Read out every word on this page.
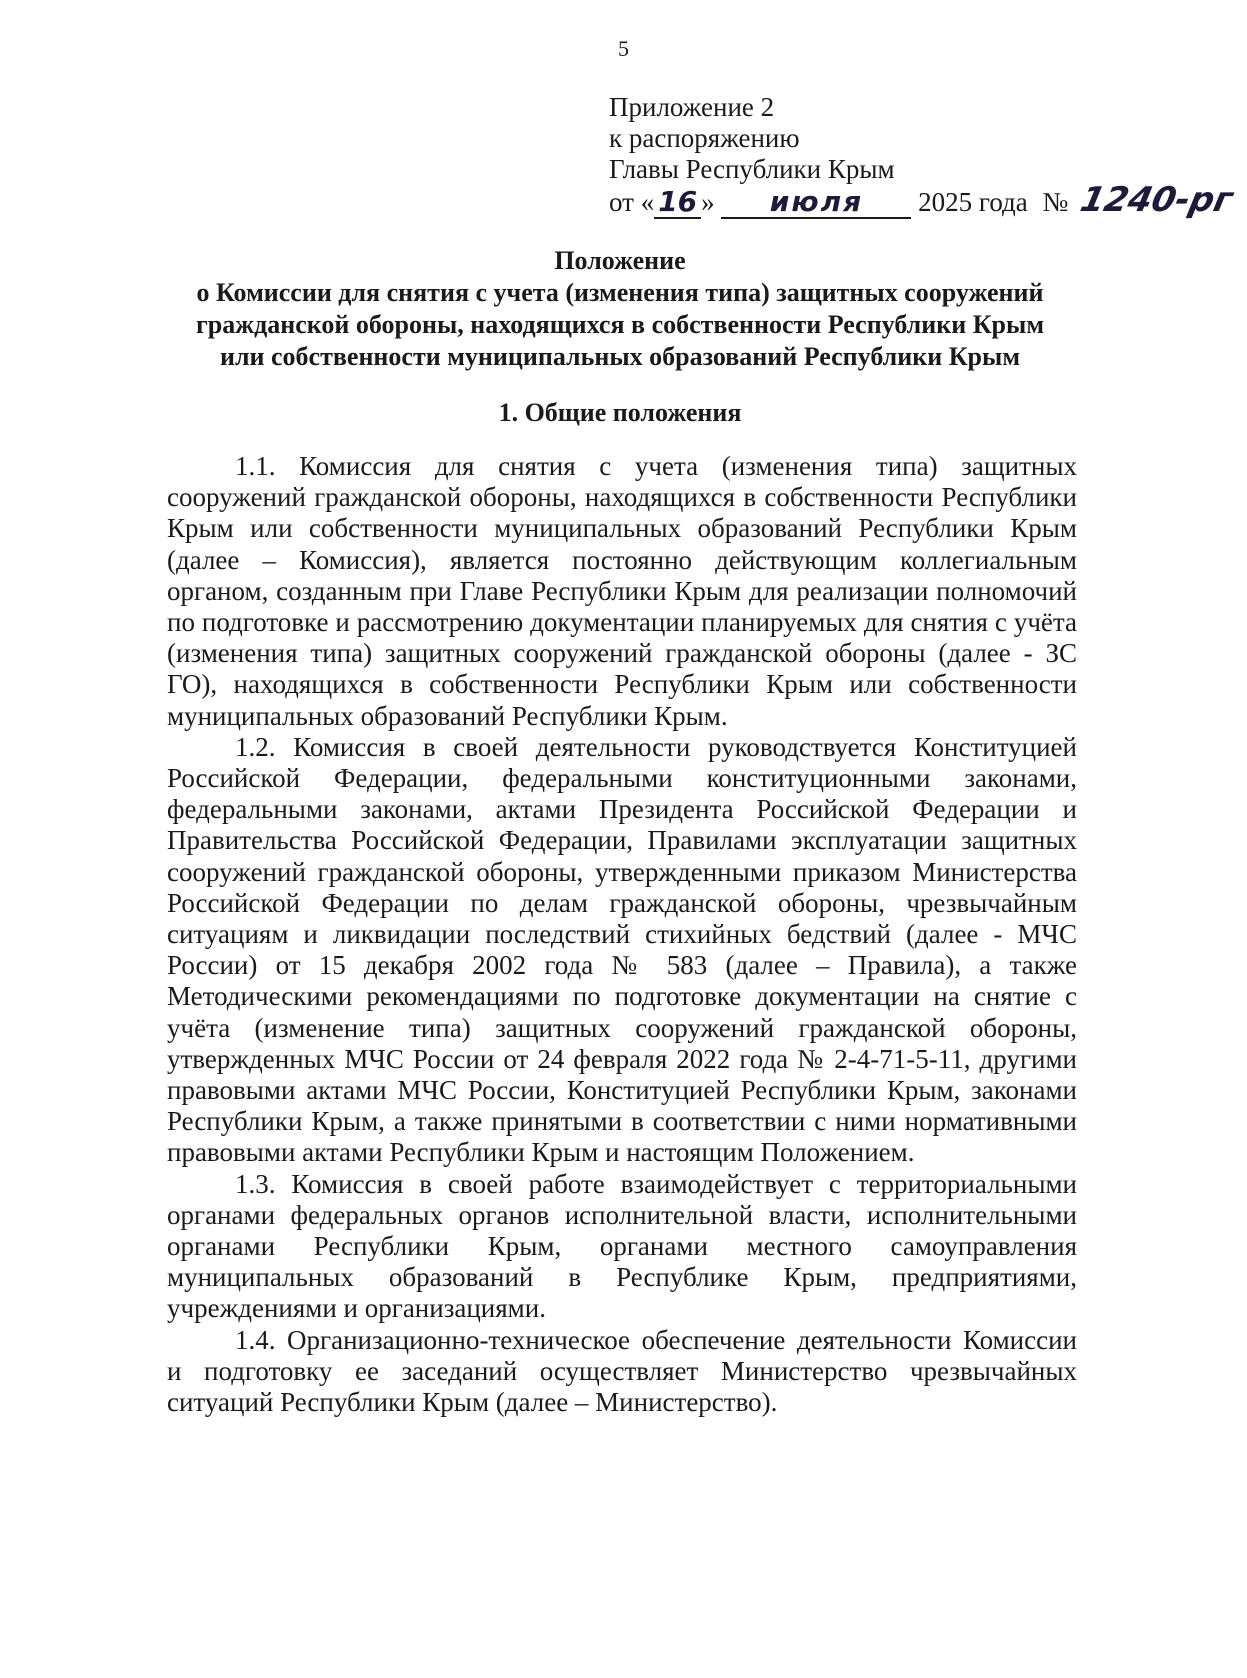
5
Приложение 2
к распоряжению
Главы Республики Крым
от « 16 » июля 2025 года № 1240-рг
Положение
о Комиссии для снятия с учета (изменения типа) защитных сооружений
гражданской обороны, находящихся в собственности Республики Крым
или собственности муниципальных образований Республики Крым
1. Общие положения

1.1. Комиссия для снятия с учета (изменения типа) защитных сооружений гражданской обороны, находящихся в собственности Республики Крым или собственности муниципальных образований Республики Крым (далее – Комиссия), является постоянно действующим коллегиальным органом, созданным при Главе Республики Крым для реализации полномочий по подготовке и рассмотрению документации планируемых для снятия с учёта (изменения типа) защитных сооружений гражданской обороны (далее - ЗС ГО), находящихся в собственности Республики Крым или собственности муниципальных образований Республики Крым.

1.2. Комиссия в своей деятельности руководствуется Конституцией Российской Федерации, федеральными конституционными законами, федеральными законами, актами Президента Российской Федерации и Правительства Российской Федерации, Правилами эксплуатации защитных сооружений гражданской обороны, утвержденными приказом Министерства Российской Федерации по делам гражданской обороны, чрезвычайным ситуациям и ликвидации последствий стихийных бедствий (далее - МЧС России) от 15 декабря 2002 года № 583 (далее – Правила), а также Методическими рекомендациями по подготовке документации на снятие с учёта (изменение типа) защитных сооружений гражданской обороны, утвержденных МЧС России от 24 февраля 2022 года № 2-4-71-5-11, другими правовыми актами МЧС России, Конституцией Республики Крым, законами Республики Крым, а также принятыми в соответствии с ними нормативными правовыми актами Республики Крым и настоящим Положением.

1.3. Комиссия в своей работе взаимодействует с территориальными органами федеральных органов исполнительной власти, исполнительными органами Республики Крым, органами местного самоуправления муниципальных образований в Республике Крым, предприятиями, учреждениями и организациями.

1.4. Организационно-техническое обеспечение деятельности Комиссии и подготовку ее заседаний осуществляет Министерство чрезвычайных ситуаций Республики Крым (далее – Министерство).
